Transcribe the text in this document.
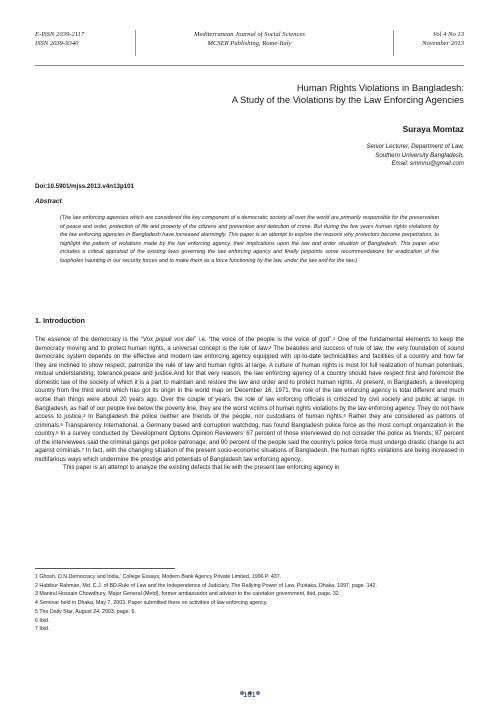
E-ISSN 2039-2117
ISSN 2039-9340
Mediterranean Journal of Social Sciences
MCSER Publishing, Rome-Italy
Vol 4 No 13
November 2013
Human Rights Violations in Bangladesh:
A Study of the Violations by the Law Enforcing Agencies
Suraya Momtaz
Senior Lecturer, Department of Law,
Southern University Bangladesh,
Email: smmnu@gmail.com
Doi:10.5901/mjss.2013.v4n13p101
Abstract
(The law enforcing agencies which are considered the key component of a democratic society all over the world are primarily responsible for the preservation of peace and order, protection of life and property of the citizens and prevention and detection of crime. But during the few years human rights violations by the law enforcing agencies in Bangladesh have increased alarmingly. This paper is an attempt to explore the reasons why protectors become perpetrators, to highlight the pattern of violations made by the law enforcing agency, their implications upon the law and order situation of Bangladesh. This paper also includes a critical appraisal of the existing laws governing the law enforcing agency and finally pinpoints some recommendations for eradication of the loopholes haunting in our security forces and to make them as a force functioning by the law, under the law and for the law.)
1. Introduction

The essence of the democracy is the “Vox populi vox dei” i.e. “the voice of the people is the voice of god”.$^1$ One of the fundamental elements to keep the democracy moving and to protect human rights, a universal concept is the rule of law.$^2$ The beauties and success of rule of law, the very foundation of sound democratic system depends on the effective and modern law enforcing agency equipped with up-to-date technicalities and facilities of a country and how far they are inclined to show respect, patronize the rule of law and human rights at large. A culture of human rights is must for full realization of human potentials, mutual understanding, tolerance,peace and justice.And for that very reason, the law enforcing agency of a country should have respect first and foremost the domestic law of the society of which it is a part to maintain and restore the law and order and to protect human rights. At present, in Bangladesh, a developing country from the third world which has got its origin in the world map on December 16, 1971, the role of the law enforcing agency is total different and much worse than things were about 20 years ago. Over the couple of years, the role of law enforcing officials is criticized by civil society and public at large. In Bangladesh, as half of our people live below the poverty line, they are the worst victims of human rights violations by the law enforcing agency. They do not have access to justice.$^3$ In Bangladesh the police neither are friends of the people, nor custodians of human rights.$^4$ Rather they are considered as patrons of criminals.$^5$ Transparency International, a Germany based anti corruption watchdog, has found Bangladesh police force as the most corrupt organization in the country.$^6$ In a survey conducted by ‘Development Options Opinion Reviewers’ 67 percent of those interviewed do not consider the police as friends; 87 percent of the interviewees said the criminal gangs get police patronage, and 90 percent of the people said the country’s police force must undergo drastic change to act against criminals.$^7$ In fact, with the changing situation of the present socio-economic situations of Bangladesh, the human rights violations are being increased in multifarious ways which undermine the prestige and potentials of Bangladesh law enforcing agency.

This paper is an attempt to analyze the existing defects that lie with the present law enforcing agency in

1 Ghosh, D.N.Democracy and India,’ College Essays, Modern Bank Agency Private Limited, 1996 P. 437.
2 Habibur Rahman, Md. C.J. of BD.Rule of Law and the Independence of Judiciary, The Rallying Power of Law, Pustaka, Dhaka, 1997, page. 142.
3 Manirul Hossain Chowdhury, Major General (Metd), former ambassador and advisor to the caretaker government, ibid, page. 32.
4 Seminar held in Dhaka, May 7, 2003. Paper submitted there on activities of law enforcing agency.
5 The Daily Star, August 24, 2003, page. 6.
6 Ibid.
7 Ibid.
101
